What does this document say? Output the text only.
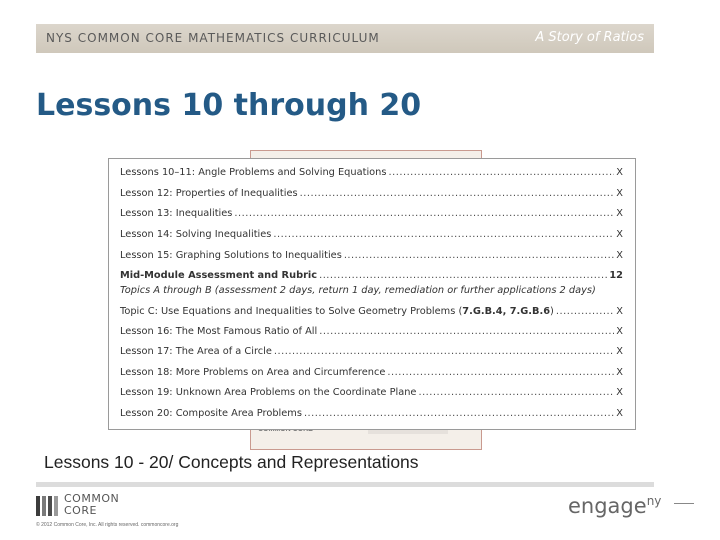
NYS COMMON CORE MATHEMATICS CURRICULUM	A Story of Ratios
Lessons 10 through 20
Lessons 10–11: Angle Problems and Solving Equations .....	X
Lesson 12: Properties of Inequalities .....	X
Lesson 13: Inequalities .....	X
Lesson 14: Solving Inequalities .....	X
Lesson 15: Graphing Solutions to Inequalities .....	X
Mid-Module Assessment and Rubric .....	12
Topics A through B (assessment 2 days, return 1 day, remediation or further applications 2 days)
Topic C: Use Equations and Inequalities to Solve Geometry Problems (7.G.B.4, 7.G.B.6) .....	X
Lesson 16: The Most Famous Ratio of All .....	X
Lesson 17: The Area of a Circle .....	X
Lesson 18: More Problems on Area and Circumference .....	X
Lesson 19: Unknown Area Problems on the Coordinate Plane .....	X
Lesson 20: Composite Area Problems .....	X
Lessons 10 - 20/ Concepts and Representations
COMMON CORE
© 2012 Common Core, Inc. All rights reserved. commoncore.org
engage$^{ny}$
